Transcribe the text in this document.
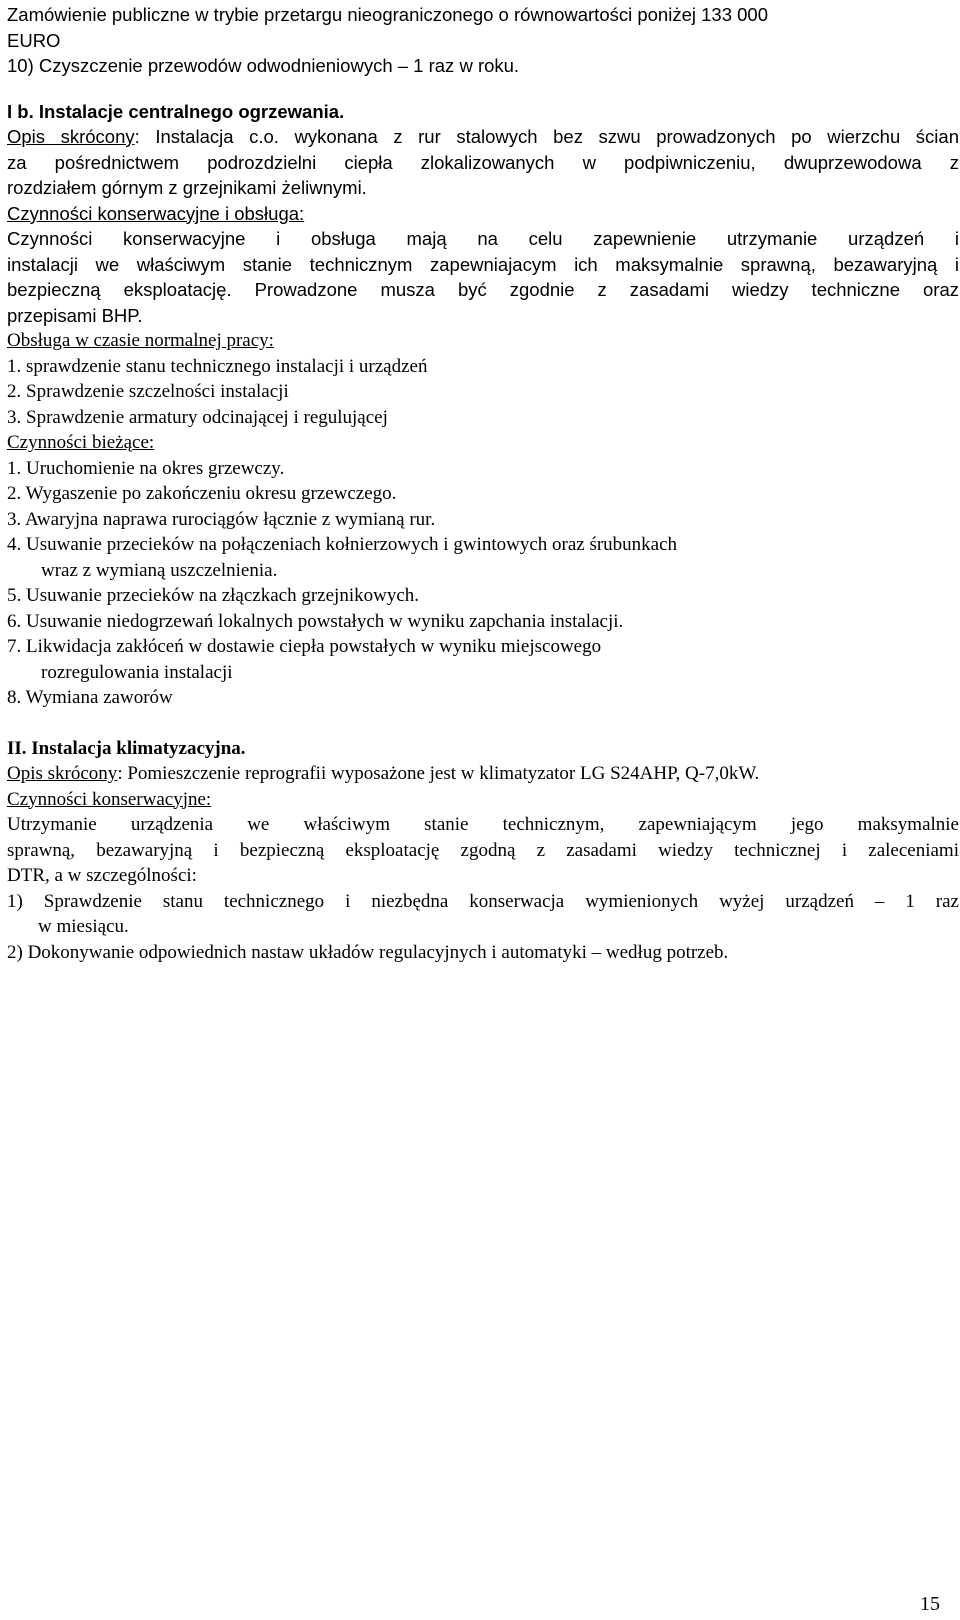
Zamówienie publiczne w trybie przetargu nieograniczonego o równowartości poniżej 133 000
EURO
10) Czyszczenie przewodów odwodnieniowych – 1 raz w roku.
I b. Instalacje centralnego ogrzewania.
Opis skrócony: Instalacja c.o. wykonana z rur stalowych bez szwu prowadzonych po wierzchu ścian
za pośrednictwem podrozdzielni ciepła zlokalizowanych w podpiwniczeniu, dwuprzewodowa z
rozdziałem górnym z grzejnikami żeliwnymi.
Czynności konserwacyjne i obsługa:
Czynności konserwacyjne i obsługa mają na celu zapewnienie utrzymanie urządzeń i
instalacji we właściwym stanie technicznym zapewniajacym ich maksymalnie sprawną, bezawaryjną i
bezpieczną eksploatację. Prowadzone musza być zgodnie z zasadami wiedzy techniczne oraz
przepisami BHP.
Obsługa w czasie normalnej pracy:
1. sprawdzenie stanu technicznego instalacji i urządzeń
2. Sprawdzenie szczelności instalacji
3. Sprawdzenie armatury odcinającej i regulującej
Czynności bieżące:
1. Uruchomienie na okres grzewczy.
2. Wygaszenie po zakończeniu okresu grzewczego.
3. Awaryjna naprawa rurociągów łącznie z wymianą rur.
4. Usuwanie przecieków na połączeniach kołnierzowych i gwintowych oraz śrubunkach
wraz z wymianą uszczelnienia.
5. Usuwanie przecieków na złączkach grzejnikowych.
6. Usuwanie niedogrzewań lokalnych powstałych w wyniku zapchania instalacji.
7. Likwidacja zakłóceń w dostawie ciepła powstałych w wyniku miejscowego
rozregulowania instalacji
8. Wymiana zaworów
II. Instalacja klimatyzacyjna.
Opis skrócony: Pomieszczenie reprografii wyposażone jest w klimatyzator LG S24AHP, Q-7,0kW.
Czynności konserwacyjne:
Utrzymanie urządzenia we właściwym stanie technicznym, zapewniającym jego maksymalnie
sprawną, bezawaryjną i bezpieczną eksploatację zgodną z zasadami wiedzy technicznej i zaleceniami
DTR, a w szczególności:
1) Sprawdzenie stanu technicznego i niezbędna konserwacja wymienionych wyżej urządzeń – 1 raz
w miesiącu.
2) Dokonywanie odpowiednich nastaw układów regulacyjnych i automatyki – według potrzeb.
15
